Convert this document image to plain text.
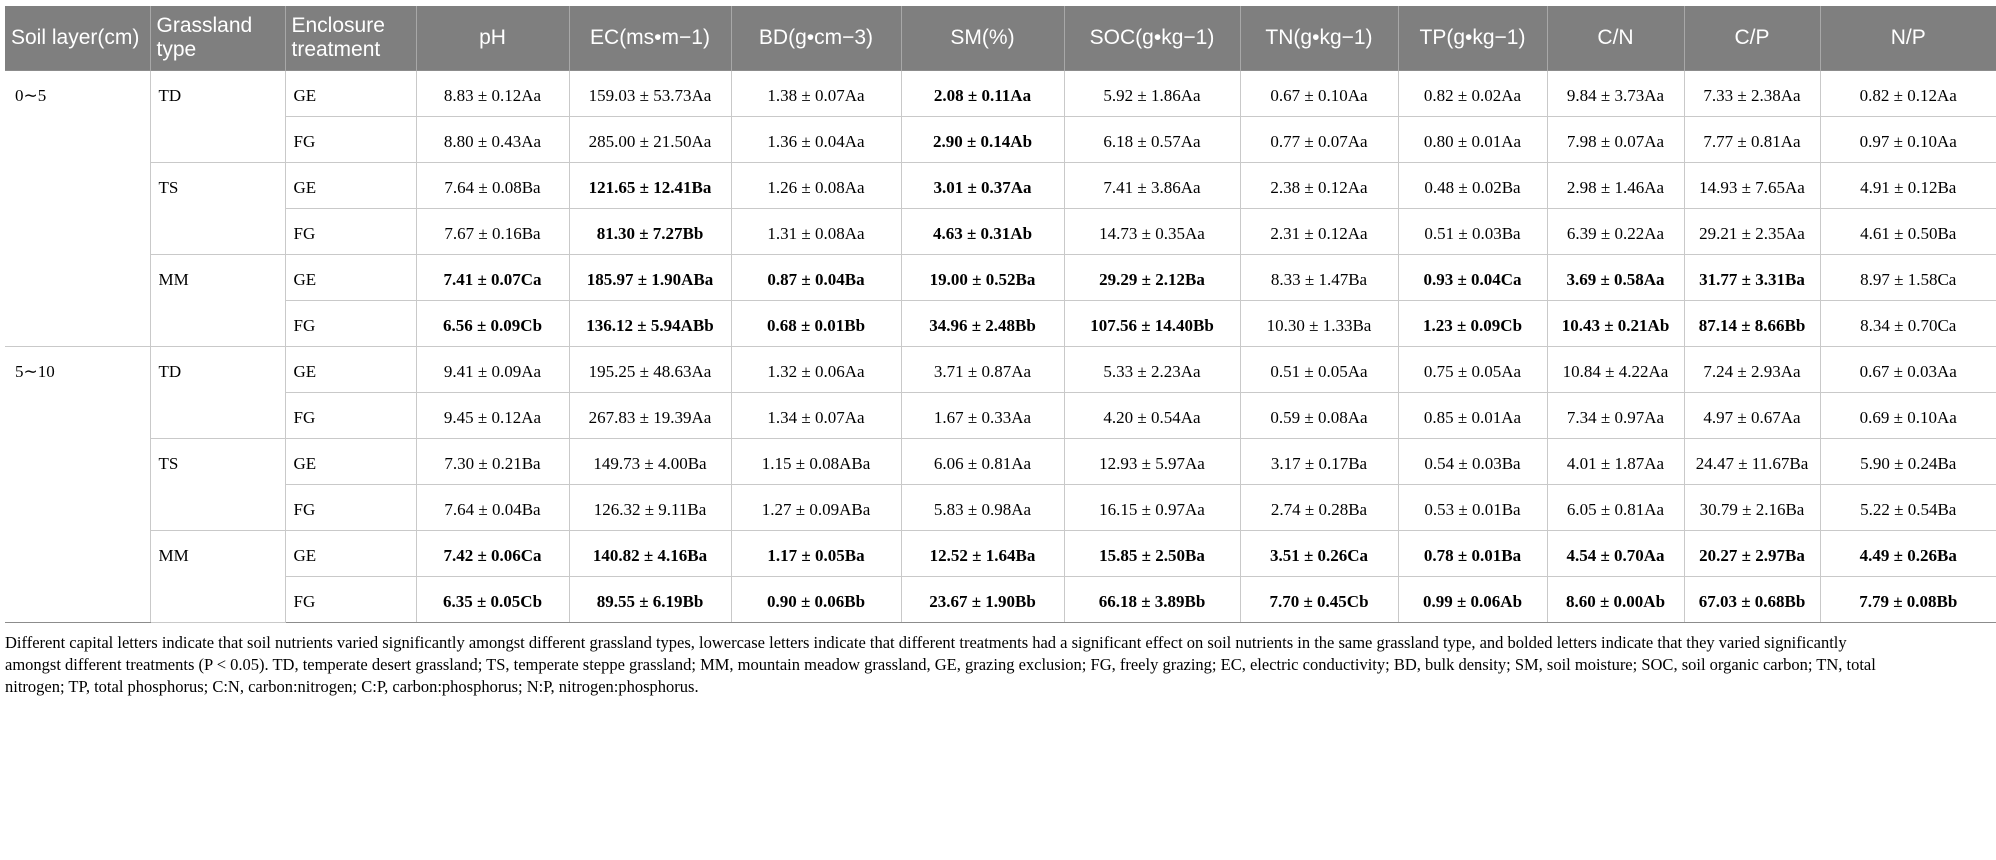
Soil layer(cm)	Grassland type	Enclosure treatment	pH	EC(ms•m−1)	BD(g•cm−3)	SM(%)	SOC(g•kg−1)	TN(g•kg−1)	TP(g•kg−1)	C/N	C/P	N/P
0∼5	TD	GE	8.83 ± 0.12Aa	159.03 ± 53.73Aa	1.38 ± 0.07Aa	2.08 ± 0.11Aa	5.92 ± 1.86Aa	0.67 ± 0.10Aa	0.82 ± 0.02Aa	9.84 ± 3.73Aa	7.33 ± 2.38Aa	0.82 ± 0.12Aa
		FG	8.80 ± 0.43Aa	285.00 ± 21.50Aa	1.36 ± 0.04Aa	2.90 ± 0.14Ab	6.18 ± 0.57Aa	0.77 ± 0.07Aa	0.80 ± 0.01Aa	7.98 ± 0.07Aa	7.77 ± 0.81Aa	0.97 ± 0.10Aa
	TS	GE	7.64 ± 0.08Ba	121.65 ± 12.41Ba	1.26 ± 0.08Aa	3.01 ± 0.37Aa	7.41 ± 3.86Aa	2.38 ± 0.12Aa	0.48 ± 0.02Ba	2.98 ± 1.46Aa	14.93 ± 7.65Aa	4.91 ± 0.12Ba
		FG	7.67 ± 0.16Ba	81.30 ± 7.27Bb	1.31 ± 0.08Aa	4.63 ± 0.31Ab	14.73 ± 0.35Aa	2.31 ± 0.12Aa	0.51 ± 0.03Ba	6.39 ± 0.22Aa	29.21 ± 2.35Aa	4.61 ± 0.50Ba
	MM	GE	7.41 ± 0.07Ca	185.97 ± 1.90ABa	0.87 ± 0.04Ba	19.00 ± 0.52Ba	29.29 ± 2.12Ba	8.33 ± 1.47Ba	0.93 ± 0.04Ca	3.69 ± 0.58Aa	31.77 ± 3.31Ba	8.97 ± 1.58Ca
		FG	6.56 ± 0.09Cb	136.12 ± 5.94ABb	0.68 ± 0.01Bb	34.96 ± 2.48Bb	107.56 ± 14.40Bb	10.30 ± 1.33Ba	1.23 ± 0.09Cb	10.43 ± 0.21Ab	87.14 ± 8.66Bb	8.34 ± 0.70Ca
5∼10	TD	GE	9.41 ± 0.09Aa	195.25 ± 48.63Aa	1.32 ± 0.06Aa	3.71 ± 0.87Aa	5.33 ± 2.23Aa	0.51 ± 0.05Aa	0.75 ± 0.05Aa	10.84 ± 4.22Aa	7.24 ± 2.93Aa	0.67 ± 0.03Aa
		FG	9.45 ± 0.12Aa	267.83 ± 19.39Aa	1.34 ± 0.07Aa	1.67 ± 0.33Aa	4.20 ± 0.54Aa	0.59 ± 0.08Aa	0.85 ± 0.01Aa	7.34 ± 0.97Aa	4.97 ± 0.67Aa	0.69 ± 0.10Aa
	TS	GE	7.30 ± 0.21Ba	149.73 ± 4.00Ba	1.15 ± 0.08ABa	6.06 ± 0.81Aa	12.93 ± 5.97Aa	3.17 ± 0.17Ba	0.54 ± 0.03Ba	4.01 ± 1.87Aa	24.47 ± 11.67Ba	5.90 ± 0.24Ba
		FG	7.64 ± 0.04Ba	126.32 ± 9.11Ba	1.27 ± 0.09ABa	5.83 ± 0.98Aa	16.15 ± 0.97Aa	2.74 ± 0.28Ba	0.53 ± 0.01Ba	6.05 ± 0.81Aa	30.79 ± 2.16Ba	5.22 ± 0.54Ba
	MM	GE	7.42 ± 0.06Ca	140.82 ± 4.16Ba	1.17 ± 0.05Ba	12.52 ± 1.64Ba	15.85 ± 2.50Ba	3.51 ± 0.26Ca	0.78 ± 0.01Ba	4.54 ± 0.70Aa	20.27 ± 2.97Ba	4.49 ± 0.26Ba
		FG	6.35 ± 0.05Cb	89.55 ± 6.19Bb	0.90 ± 0.06Bb	23.67 ± 1.90Bb	66.18 ± 3.89Bb	7.70 ± 0.45Cb	0.99 ± 0.06Ab	8.60 ± 0.00Ab	67.03 ± 0.68Bb	7.79 ± 0.08Bb
Different capital letters indicate that soil nutrients varied significantly amongst different grassland types, lowercase letters indicate that different treatments had a significant effect on soil nutrients in the same grassland type, and bolded letters indicate that they varied significantly amongst different treatments (P < 0.05). TD, temperate desert grassland; TS, temperate steppe grassland; MM, mountain meadow grassland, GE, grazing exclusion; FG, freely grazing; EC, electric conductivity; BD, bulk density; SM, soil moisture; SOC, soil organic carbon; TN, total nitrogen; TP, total phosphorus; C:N, carbon:nitrogen; C:P, carbon:phosphorus; N:P, nitrogen:phosphorus.
